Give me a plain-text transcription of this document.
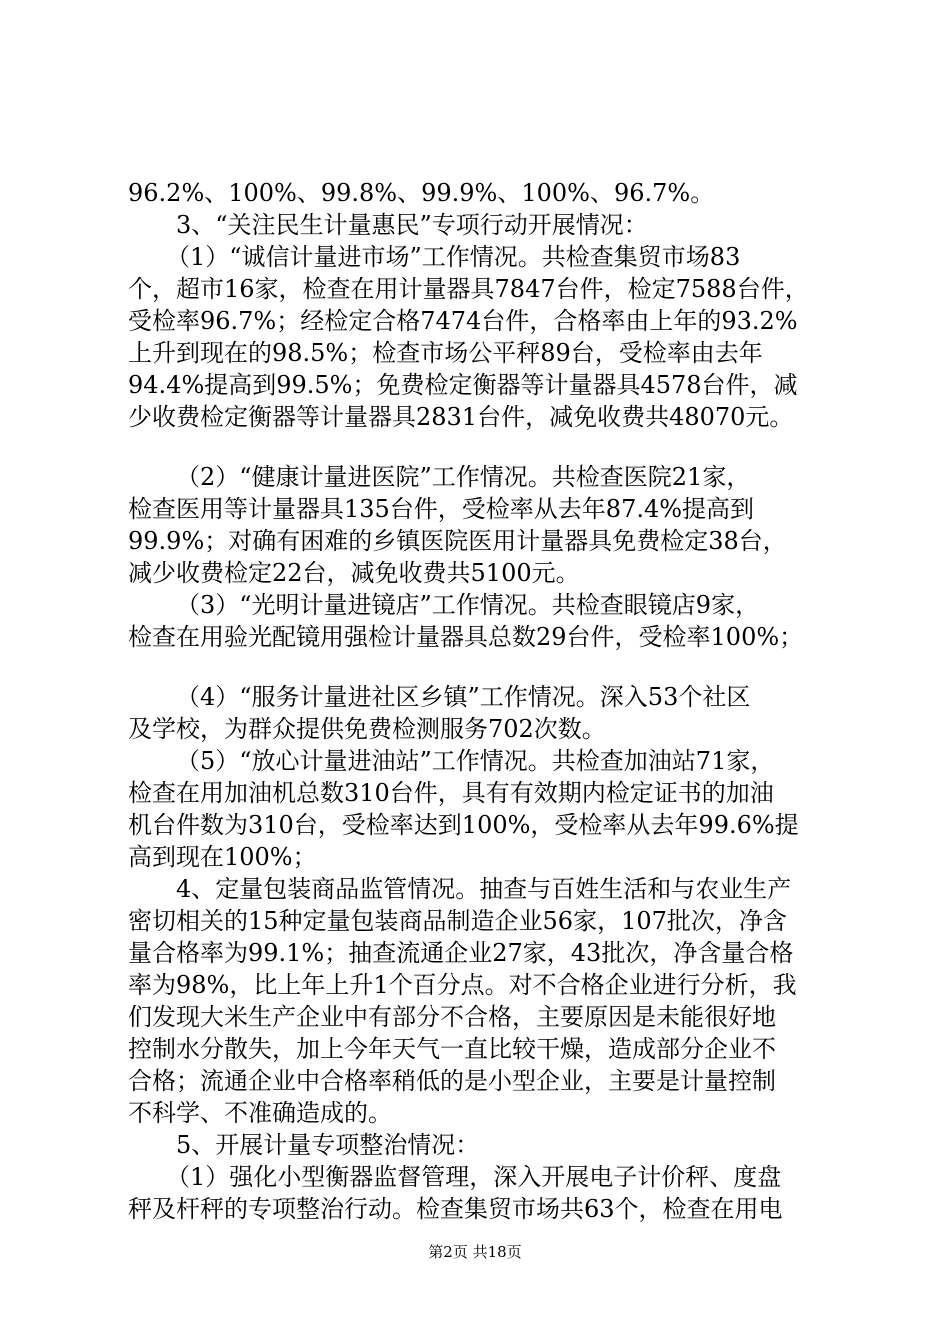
96.2%、100%、99.8%、99.9%、100%、96.7%。
3、“关注民生计量惠民”专项行动开展情况：
（1）“诚信计量进市场”工作情况。共检查集贸市场83
个，超市16家，检查在用计量器具7847台件，检定7588台件，
受检率96.7%；经检定合格7474台件，合格率由上年的93.2%
上升到现在的98.5%；检查市场公平秤89台，受检率由去年
94.4%提高到99.5%；免费检定衡器等计量器具4578台件，减
少收费检定衡器等计量器具2831台件，减免收费共48070元。
（2）“健康计量进医院”工作情况。共检查医院21家，
检查医用等计量器具135台件，受检率从去年87.4%提高到
99.9%；对确有困难的乡镇医院医用计量器具免费检定38台，
减少收费检定22台，减免收费共5100元。
（3）“光明计量进镜店”工作情况。共检查眼镜店9家，
检查在用验光配镜用强检计量器具总数29台件，受检率100%；
（4）“服务计量进社区乡镇”工作情况。深入53个社区
及学校，为群众提供免费检测服务702次数。
（5）“放心计量进油站”工作情况。共检查加油站71家，
检查在用加油机总数310台件，具有有效期内检定证书的加油
机台件数为310台，受检率达到100%，受检率从去年99.6%提
高到现在100%；
4、定量包装商品监管情况。抽查与百姓生活和与农业生产
密切相关的15种定量包装商品制造企业56家，107批次，净含
量合格率为99.1%；抽查流通企业27家，43批次，净含量合格
率为98%，比上年上升1个百分点。对不合格企业进行分析，我
们发现大米生产企业中有部分不合格，主要原因是未能很好地
控制水分散失，加上今年天气一直比较干燥，造成部分企业不
合格；流通企业中合格率稍低的是小型企业，主要是计量控制
不科学、不准确造成的。
5、开展计量专项整治情况：
（1）强化小型衡器监督管理，深入开展电子计价秤、度盘
秤及杆秤的专项整治行动。检查集贸市场共63个，检查在用电
第2页 共18页
